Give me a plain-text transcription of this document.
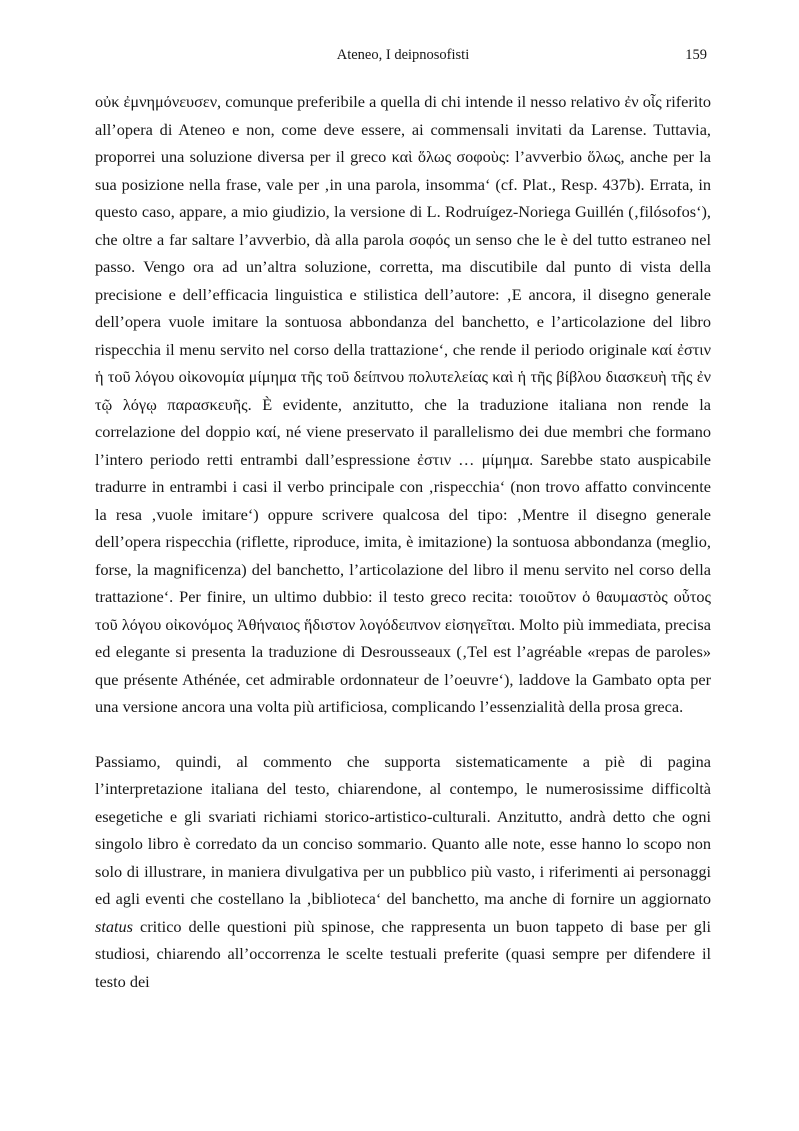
Ateneo, I deipnosofisti	159

οὐκ ἐμνημόνευσεν, comunque preferibile a quella di chi intende il nesso relativo ἐν οἷς riferito all’opera di Ateneo e non, come deve essere, ai commensali invitati da Larense. Tuttavia, proporrei una soluzione diversa per il greco καὶ ὅλως σοφοὺς: l’avverbio ὅλως, anche per la sua posizione nella frase, vale per ‚in una parola, insomma‘ (cf. Plat., Resp. 437b). Errata, in questo caso, appare, a mio giudizio, la versione di L. Rodruígez-Noriega Guillén (‚filósofos‘), che oltre a far saltare l’avverbio, dà alla parola σοφός un senso che le è del tutto estraneo nel passo. Vengo ora ad un’altra soluzione, corretta, ma discutibile dal punto di vista della precisione e dell’efficacia linguistica e stilistica dell’autore: ‚E ancora, il disegno generale dell’opera vuole imitare la sontuosa abbondanza del banchetto, e l’articolazione del libro rispecchia il menu servito nel corso della trattazione‘, che rende il periodo originale καί ἐστιν ἡ τοῦ λόγου οἰκονομία μίμημα τῆς τοῦ δείπνου πολυτελείας καὶ ἡ τῆς βίβλου διασκευὴ τῆς ἐν τῷ λόγῳ παρασκευῆς. È evidente, anzitutto, che la traduzione italiana non rende la correlazione del doppio καί, né viene preservato il parallelismo dei due membri che formano l’intero periodo retti entrambi dall’espressione ἐστιν … μίμημα. Sarebbe stato auspicabile tradurre in entrambi i casi il verbo principale con ‚rispecchia‘ (non trovo affatto convincente la resa ‚vuole imitare‘) oppure scrivere qualcosa del tipo: ‚Mentre il disegno generale dell’opera rispecchia (riflette, riproduce, imita, è imitazione) la sontuosa abbondanza (meglio, forse, la magnificenza) del banchetto, l’articolazione del libro il menu servito nel corso della trattazione‘. Per finire, un ultimo dubbio: il testo greco recita: τοιοῦτον ὁ θαυμαστὸς οὗτος τοῦ λόγου οἰκονόμος Ἀθήναιος ἥδιστον λογόδειπνον εἰσηγεῖται. Molto più immediata, precisa ed elegante si presenta la traduzione di Desrousseaux (‚Tel est l’agréable «repas de paroles» que présente Athénée, cet admirable ordonnateur de l’oeuvre‘), laddove la Gambato opta per una versione ancora una volta più artificiosa, complicando l’essenzialità della prosa greca.

Passiamo, quindi, al commento che supporta sistematicamente a piè di pagina l’interpretazione italiana del testo, chiarendone, al contempo, le numerosissime difficoltà esegetiche e gli svariati richiami storico-artistico-culturali. Anzitutto, andrà detto che ogni singolo libro è corredato da un conciso sommario. Quanto alle note, esse hanno lo scopo non solo di illustrare, in maniera divulgativa per un pubblico più vasto, i riferimenti ai personaggi ed agli eventi che costellano la ‚biblioteca‘ del banchetto, ma anche di fornire un aggiornato status critico delle questioni più spinose, che rappresenta un buon tappeto di base per gli studiosi, chiarendo all’occorrenza le scelte testuali preferite (quasi sempre per difendere il testo dei
